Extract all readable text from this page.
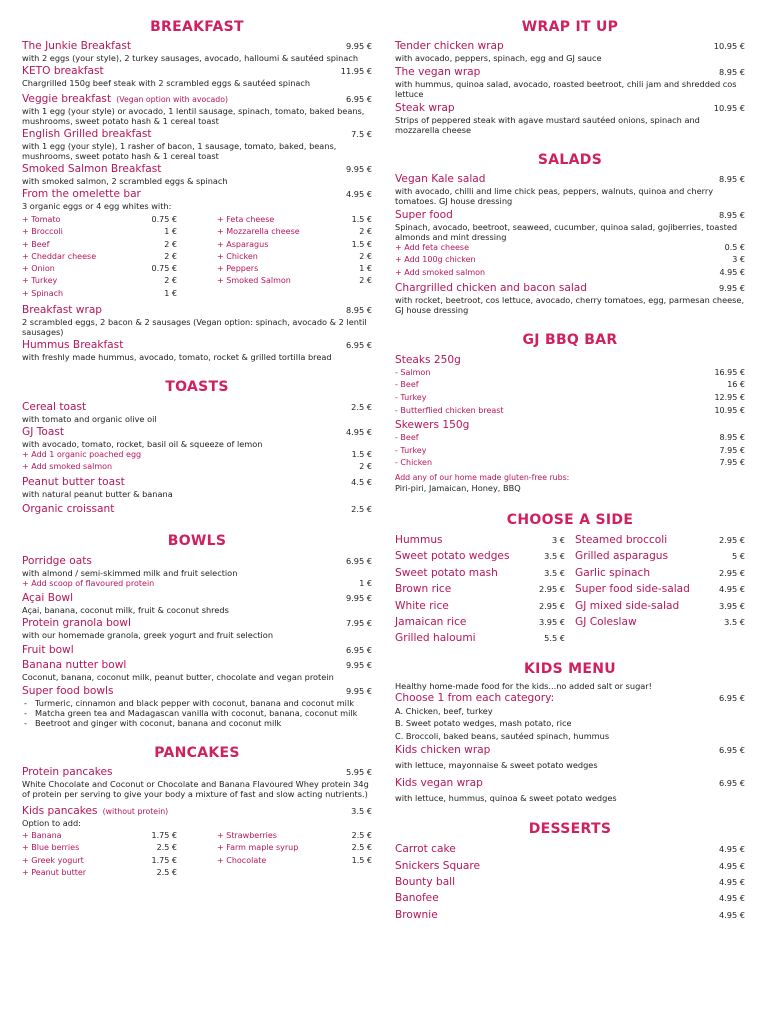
BREAKFAST
The Junkie Breakfast	9.95 €
with 2 eggs (your style), 2 turkey sausages, avocado, halloumi & sautéed spinach
KETO breakfast	11.95 €
Chargrilled 150g beef steak with 2 scrambled eggs & sautéed spinach
Veggie breakfast (Vegan option with avocado)	6.95 €
with 1 egg (your style) or avocado, 1 lentil sausage, spinach, tomato, baked beans, mushrooms, sweet potato hash & 1 cereal toast
English Grilled breakfast	7.5 €
with 1 egg (your style), 1 rasher of bacon, 1 sausage, tomato, baked, beans, mushrooms, sweet potato hash & 1 cereal toast
Smoked Salmon Breakfast	9.95 €
with smoked salmon, 2 scrambled eggs & spinach
From the omelette bar	4.95 €
3 organic eggs or 4 egg whites with:
+ Tomato	0.75 €
+ Broccoli	1 €
+ Beef	2 €
+ Cheddar cheese	2 €
+ Onion	0.75 €
+ Turkey	2 €
+ Spinach	1 €
+ Feta cheese	1.5 €
+ Mozzarella cheese	2 €
+ Asparagus	1.5 €
+ Chicken	2 €
+ Peppers	1 €
+ Smoked Salmon	2 €
Breakfast wrap	8.95 €
2 scrambled eggs, 2 bacon & 2 sausages (Vegan option: spinach, avocado & 2 lentil sausages)
Hummus Breakfast	6.95 €
with freshly made hummus, avocado, tomato, rocket & grilled tortilla bread
TOASTS
Cereal toast	2.5 €
with tomato and organic olive oil
GJ Toast	4.95 €
with avocado, tomato, rocket, basil oil & squeeze of lemon
+ Add 1 organic poached egg	1.5 €
+ Add smoked salmon	2 €
Peanut butter toast	4.5 €
with natural peanut butter & banana
Organic croissant	2.5 €
BOWLS
Porridge oats	6.95 €
with almond / semi-skimmed milk and fruit selection
+ Add scoop of flavoured protein	1 €
Açai Bowl	9.95 €
Açai, banana, coconut milk, fruit & coconut shreds
Protein granola bowl	7.95 €
with our homemade granola, greek yogurt and fruit selection
Fruit bowl	6.95 €
Banana nutter bowl	9.95 €
Coconut, banana, coconut milk, peanut butter, chocolate and vegan protein
Super food bowls	9.95 €
- Turmeric, cinnamon and black pepper with coconut, banana and coconut milk
- Matcha green tea and Madagascan vanilla with coconut, banana, coconut milk
- Beetroot and ginger with coconut, banana and coconut milk
PANCAKES
Protein pancakes	5.95 €
White Chocolate and Coconut or Chocolate and Banana Flavoured Whey protein 34g of protein per serving to give your body a mixture of fast and slow acting nutrients.)
Kids pancakes (without protein)	3.5 €
Option to add:
+ Banana	1.75 €
+ Blue berries	2.5 €
+ Greek yogurt	1.75 €
+ Peanut butter	2.5 €
+ Strawberries	2.5 €
+ Farm maple syrup	2.5 €
+ Chocolate	1.5 €
WRAP IT UP
Tender chicken wrap	10.95 €
with avocado, peppers, spinach, egg and GJ sauce
The vegan wrap	8.95 €
with hummus, quinoa salad, avocado, roasted beetroot, chili jam and shredded cos lettuce
Steak wrap	10.95 €
Strips of peppered steak with agave mustard sautéed onions, spinach and mozzarella cheese
SALADS
Vegan Kale salad	8.95 €
with avocado, chilli and lime chick peas, peppers, walnuts, quinoa and cherry tomatoes. GJ house dressing
Super food	8.95 €
Spinach, avocado, beetroot, seaweed, cucumber, quinoa salad, gojiberries, toasted almonds and mint dressing
+ Add feta cheese	0.5 €
+ Add 100g chicken	3 €
+ Add smoked salmon	4.95 €
Chargrilled chicken and bacon salad	9.95 €
with rocket, beetroot, cos lettuce, avocado, cherry tomatoes, egg, parmesan cheese, GJ house dressing
GJ BBQ BAR
Steaks 250g
- Salmon	16.95 €
- Beef	16 €
- Turkey	12.95 €
- Butterflied chicken breast	10.95 €
Skewers 150g
- Beef	8.95 €
- Turkey	7.95 €
- Chicken	7.95 €
Add any of our home made gluten-free rubs:
Piri-piri, Jamaican, Honey, BBQ
CHOOSE A SIDE
Hummus	3 €
Sweet potato wedges	3.5 €
Sweet potato mash	3.5 €
Brown rice	2.95 €
White rice	2.95 €
Jamaican rice	3.95 €
Grilled haloumi	5.5 €
Steamed broccoli	2.95 €
Grilled asparagus	5 €
Garlic spinach	2.95 €
Super food side-salad	4.95 €
GJ mixed side-salad	3.95 €
GJ Coleslaw	3.5 €
KIDS MENU
Healthy home-made food for the kids...no added salt or sugar!
Choose 1 from each category:	6.95 €
A. Chicken, beef, turkey
B. Sweet potato wedges, mash potato, rice
C. Broccoli, baked beans, sautéed spinach, hummus
Kids chicken wrap	6.95 €
with lettuce, mayonnaise & sweet potato wedges
Kids vegan wrap	6.95 €
with lettuce, hummus, quinoa & sweet potato wedges
DESSERTS
Carrot cake	4.95 €
Snickers Square	4.95 €
Bounty ball	4.95 €
Banofee	4.95 €
Brownie	4.95 €
